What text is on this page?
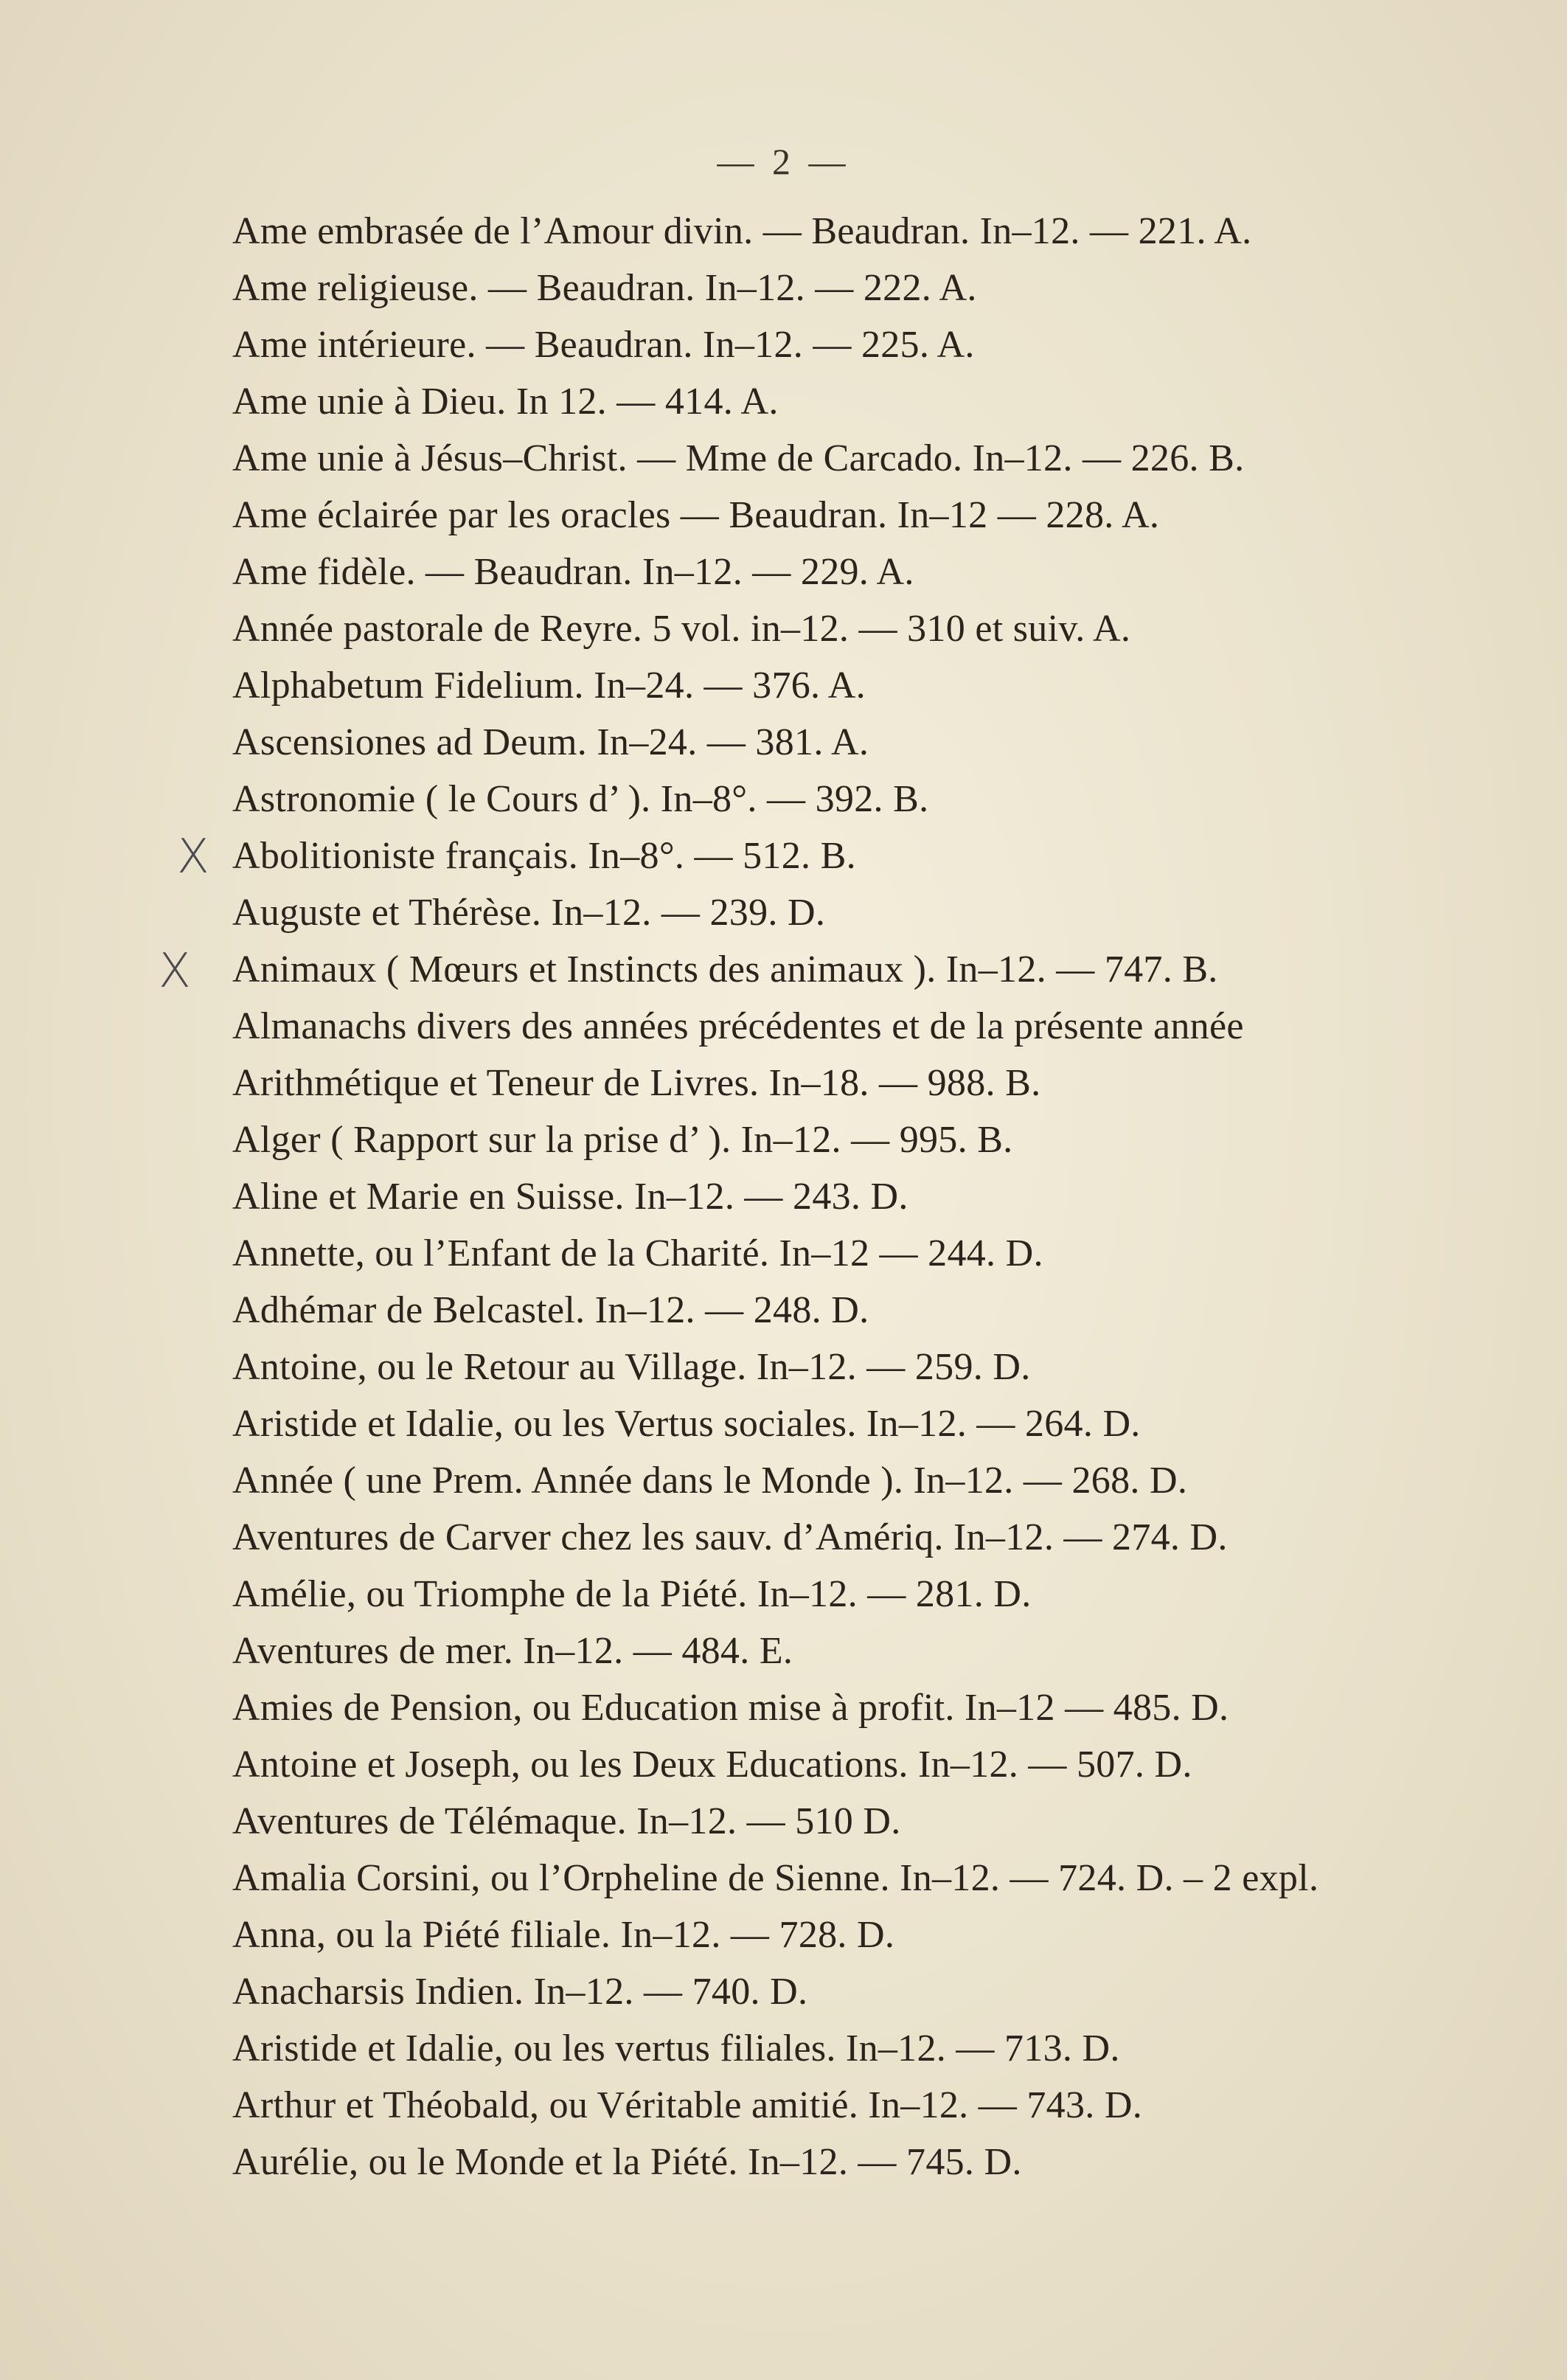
— 2 —
X
X
Ame embrasée de l’Amour divin. — Beaudran. In–12. — 221. A.
Ame religieuse. — Beaudran. In–12. — 222. A.
Ame intérieure. — Beaudran. In–12. — 225. A.
Ame unie à Dieu. In 12. — 414. A.
Ame unie à Jésus–Christ. — Mme de Carcado. In–12. — 226. B.
Ame éclairée par les oracles — Beaudran. In–12 — 228. A.
Ame fidèle. — Beaudran. In–12. — 229. A.
Année pastorale de Reyre. 5 vol. in–12. — 310 et suiv. A.
Alphabetum Fidelium. In–24. — 376. A.
Ascensiones ad Deum. In–24. — 381. A.
Astronomie ( le Cours d’ ). In–8°. — 392. B.
Abolitioniste français. In–8°. — 512. B.
Auguste et Thérèse. In–12. — 239. D.
Animaux ( Mœurs et Instincts des animaux ). In–12. — 747. B.
Almanachs divers des années précédentes et de la présente année
Arithmétique et Teneur de Livres. In–18. — 988. B.
Alger ( Rapport sur la prise d’ ). In–12. — 995. B.
Aline et Marie en Suisse. In–12. — 243. D.
Annette, ou l’Enfant de la Charité. In–12 — 244. D.
Adhémar de Belcastel. In–12. — 248. D.
Antoine, ou le Retour au Village. In–12. — 259. D.
Aristide et Idalie, ou les Vertus sociales. In–12. — 264. D.
Année ( une Prem. Année dans le Monde ). In–12. — 268. D.
Aventures de Carver chez les sauv. d’Amériq. In–12. — 274. D.
Amélie, ou Triomphe de la Piété. In–12. — 281. D.
Aventures de mer. In–12. — 484. E.
Amies de Pension, ou Education mise à profit. In–12 — 485. D.
Antoine et Joseph, ou les Deux Educations. In–12. — 507. D.
Aventures de Télémaque. In–12. — 510 D.
Amalia Corsini, ou l’Orpheline de Sienne. In–12. — 724. D. – 2 expl.
Anna, ou la Piété filiale. In–12. — 728. D.
Anacharsis Indien. In–12. — 740. D.
Aristide et Idalie, ou les vertus filiales. In–12. — 713. D.
Arthur et Théobald, ou Véritable amitié. In–12. — 743. D.
Aurélie, ou le Monde et la Piété. In–12. — 745. D.
